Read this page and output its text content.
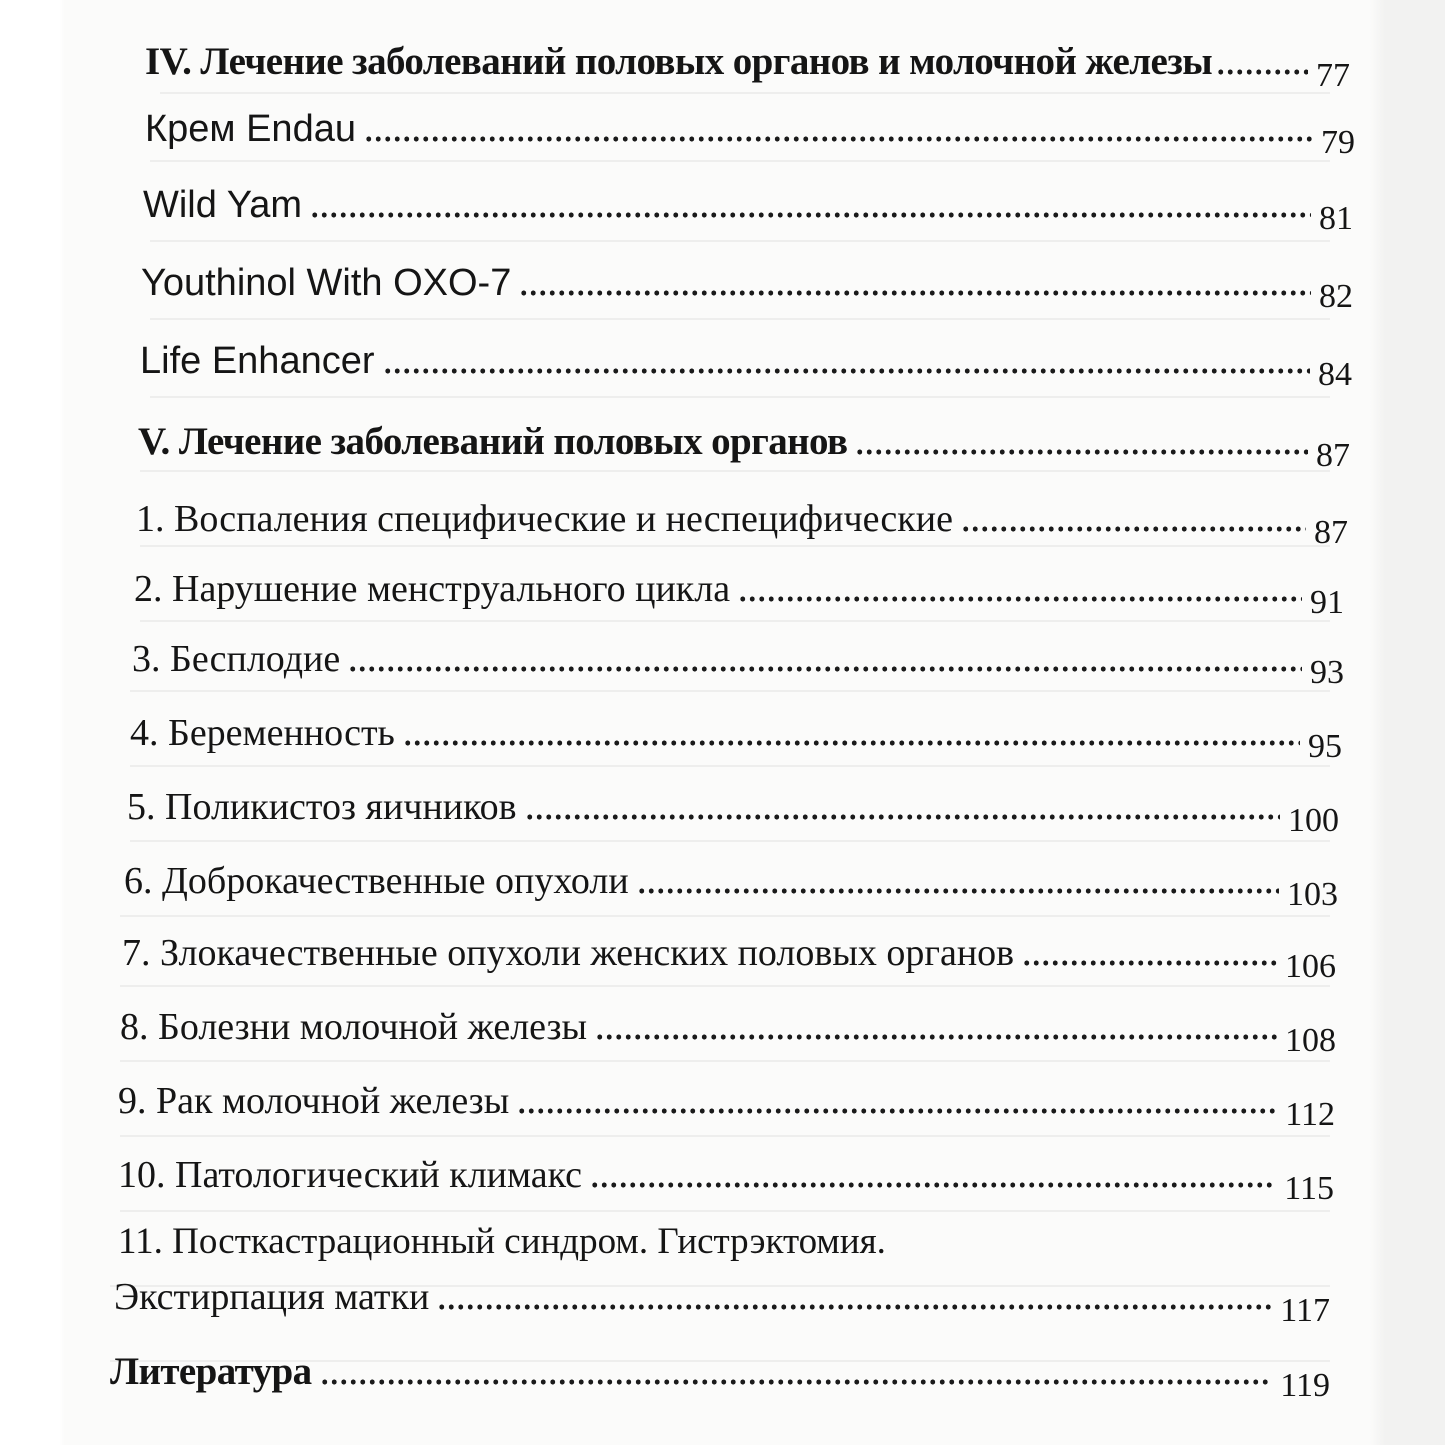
IV. Лечение заболеваний половых органов и молочной железы	77
Крем Endau	79
Wild Yam	81
Youthinol With OXO-7	82
Life Enhancer	84
V. Лечение заболеваний половых органов	87
1. Воспаления специфические и неспецифические	87
2. Нарушение менструального цикла	91
3. Бесплодие	93
4. Беременность	95
5. Поликистоз яичников	100
6. Доброкачественные опухоли	103
7. Злокачественные опухоли женских половых органов	106
8. Болезни молочной железы	108
9. Рак молочной железы	112
10. Патологический климакс	115
11. Посткастрационный синдром. Гистрэктомия.
Экстирпация матки	117
Литература	119
